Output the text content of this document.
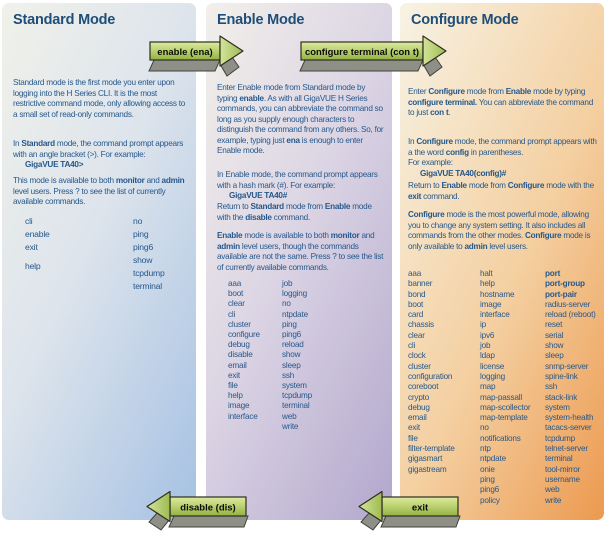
Standard Mode

Standard mode is the first mode you enter upon logging into the H Series CLI. It is the most restrictive command mode, only allowing access to a small set of read-only commands.

In Standard mode, the command prompt appears with an angle bracket (>). For example:
GigaVUE TA40>

This mode is available to both monitor and admin level users. Press ? to see the list of currently available commands.

cli
enable
exit
help
no
ping
ping6
show
tcpdump
terminal
Enable Mode

Enter Enable mode from Standard mode by typing enable. As with all GigaVUE H Series commands, you can abbreviate the command so long as you supply enough characters to distinguish the command from any others. So, for example, typing just ena is enough to enter Enable mode.

In Enable mode, the command prompt appears with a hash mark (#). For example:
GigaVUE TA40#

Return to Standard mode from Enable mode with the disable command.

Enable mode is available to both monitor and admin level users, though the commands available are not the same. Press ? to see the list of currently available commands.

aaa
boot
clear
cli
cluster
configure
debug
disable
email
exit
file
help
image
interface
job
logging
no
ntpdate
ping
ping6
reload
show
sleep
ssh
system
tcpdump
terminal
web
write
Configure Mode

Enter Configure mode from Enable mode by typing configure terminal. You can abbreviate the command to just con t.

In Configure mode, the command prompt appears with a the word config in parentheses.
For example:
GigaVUE TA40(config)#

Return to Enable mode from Configure mode with the exit command.

Configure mode is the most powerful mode, allowing you to change any system setting. It also includes all commands from the other modes. Configure mode is only available to admin level users.

aaa
banner
bond
boot
card
chassis
clear
cli
clock
cluster
configuration
coreboot
crypto
debug
email
exit
file
filter-template
gigasmart
gigastream
halt
help
hostname
image
interface
ip
ipv6
job
ldap
license
logging
map
map-passall
map-scollector
map-template
no
notifications
ntp
ntpdate
onie
ping
ping6
policy
port
port-group
port-pair
radius-server
reload (reboot)
reset
serial
show
sleep
snmp-server
spine-link
ssh
stack-link
system
system-health
tacacs-server
tcpdump
telnet-server
terminal
tool-mirror
username
web
write
enable (ena)	configure terminal (con t)
disable (dis)	exit
